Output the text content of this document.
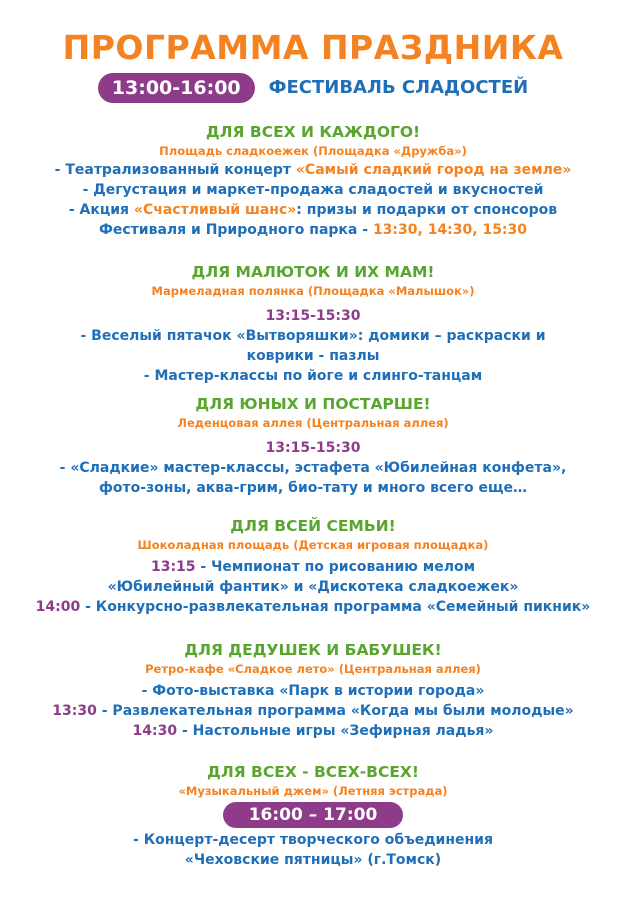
ПРОГРАММА ПРАЗДНИКА
13:00-16:00	ФЕСТИВАЛЬ СЛАДОСТЕЙ
ДЛЯ ВСЕХ И КАЖДОГО!
Площадь сладкоежек (Площадка «Дружба»)
- Театрализованный концерт «Самый сладкий город на земле»
- Дегустация и маркет-продажа сладостей и вкусностей
- Акция «Счастливый шанс»: призы и подарки от спонсоров
Фестиваля и Природного парка - 13:30, 14:30, 15:30
ДЛЯ МАЛЮТОК И ИХ МАМ!
Мармеладная полянка (Площадка «Малышок»)
13:15-15:30
- Веселый пятачок «Вытворяшки»: домики – раскраски и
коврики - пазлы
- Мастер-классы по йоге и слинго-танцам
ДЛЯ ЮНЫХ И ПОСТАРШЕ!
Леденцовая аллея (Центральная аллея)
13:15-15:30
- «Сладкие» мастер-классы, эстафета «Юбилейная конфета»,
фото-зоны, аква-грим, био-тату и много всего еще…
ДЛЯ ВСЕЙ СЕМЬИ!
Шоколадная площадь (Детская игровая площадка)
13:15 - Чемпионат по рисованию мелом
«Юбилейный фантик» и «Дискотека сладкоежек»
14:00 - Конкурсно-развлекательная программа «Семейный пикник»
ДЛЯ ДЕДУШЕК И БАБУШЕК!
Ретро-кафе «Сладкое лето» (Центральная аллея)
- Фото-выставка «Парк в истории города»
13:30 - Развлекательная программа «Когда мы были молодые»
14:30 - Настольные игры «Зефирная ладья»
ДЛЯ ВСЕХ - ВСЕХ-ВСЕХ!
«Музыкальный джем» (Летняя эстрада)
16:00 – 17:00
- Концерт-десерт творческого объединения
«Чеховские пятницы» (г.Томск)
